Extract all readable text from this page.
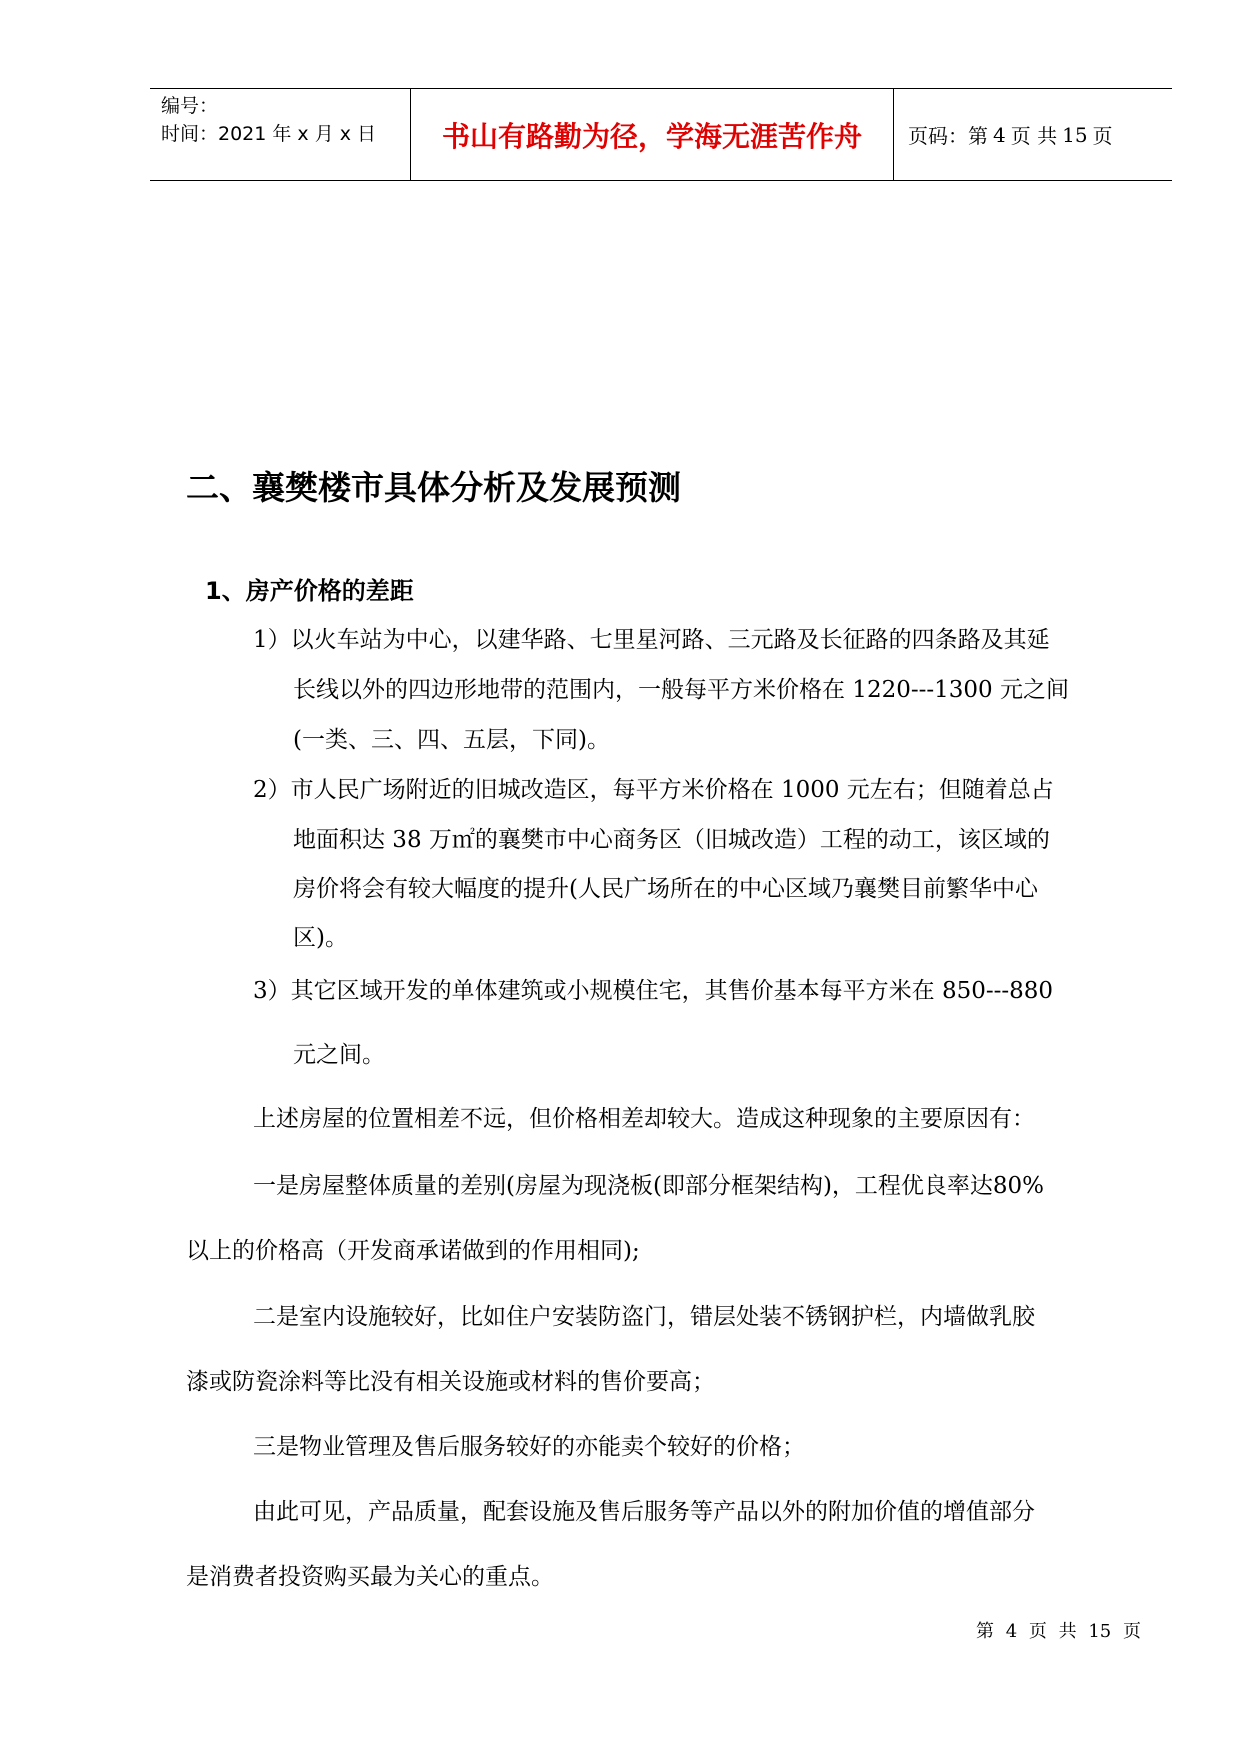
编号：
时间：2021 年 x 月 x 日	书山有路勤为径，学海无涯苦作舟 页码：第 4 页 共 15 页
二、襄樊楼市具体分析及发展预测
1、房产价格的差距
1）以火车站为中心，以建华路、七里星河路、三元路及长征路的四条路及其延
长线以外的四边形地带的范围内，一般每平方米价格在 1220---1300 元之间
(一类、三、四、五层，下同)。
2）市人民广场附近的旧城改造区，每平方米价格在 1000 元左右；但随着总占
地面积达 38 万㎡的襄樊市中心商务区（旧城改造）工程的动工，该区域的
房价将会有较大幅度的提升(人民广场所在的中心区域乃襄樊目前繁华中心
区)。
3）其它区域开发的单体建筑或小规模住宅，其售价基本每平方米在 850---880
元之间。
上述房屋的位置相差不远，但价格相差却较大。造成这种现象的主要原因有：
一是房屋整体质量的差别(房屋为现浇板(即部分框架结构)，工程优良率达80%
以上的价格高（开发商承诺做到的作用相同);
二是室内设施较好，比如住户安装防盗门，错层处装不锈钢护栏，内墙做乳胶
漆或防瓷涂料等比没有相关设施或材料的售价要高；
三是物业管理及售后服务较好的亦能卖个较好的价格；
由此可见，产品质量，配套设施及售后服务等产品以外的附加价值的增值部分
是消费者投资购买最为关心的重点。
第 4 页 共 15 页
